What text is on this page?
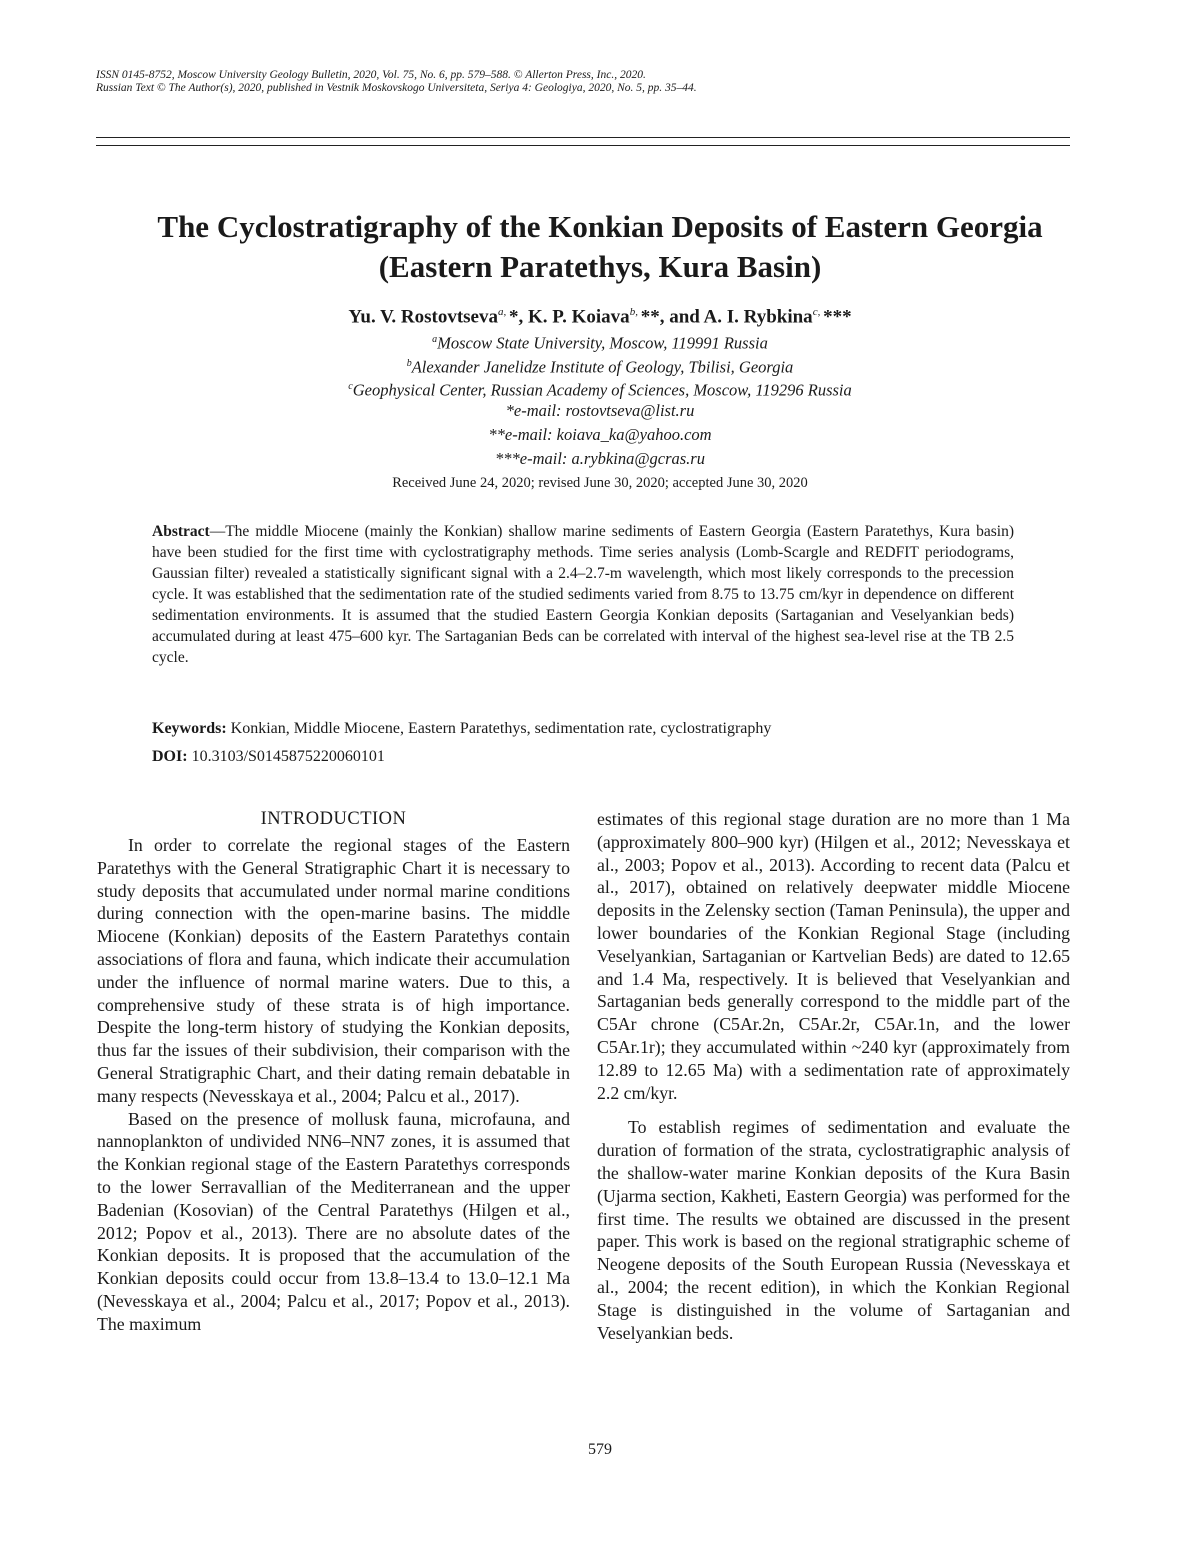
ISSN 0145-8752, Moscow University Geology Bulletin, 2020, Vol. 75, No. 6, pp. 579–588. © Allerton Press, Inc., 2020.
Russian Text © The Author(s), 2020, published in Vestnik Moskovskogo Universiteta, Seriya 4: Geologiya, 2020, No. 5, pp. 35–44.
The Cyclostratigraphy of the Konkian Deposits of Eastern Georgia
(Eastern Paratethys, Kura Basin)
Yu. V. Rostovtseva$^{a,}$ *, K. P. Koiava$^{b,}$ **, and A. I. Rybkina$^{c,}$ ***
$^a$Moscow State University, Moscow, 119991 Russia
$^b$Alexander Janelidze Institute of Geology, Tbilisi, Georgia
$^c$Geophysical Center, Russian Academy of Sciences, Moscow, 119296 Russia
*e-mail: rostovtseva@list.ru
**e-mail: koiava_ka@yahoo.com
***e-mail: a.rybkina@gcras.ru
Received June 24, 2020; revised June 30, 2020; accepted June 30, 2020

Abstract—The middle Miocene (mainly the Konkian) shallow marine sediments of Eastern Georgia (Eastern Paratethys, Kura basin) have been studied for the first time with cyclostratigraphy methods. Time series analysis (Lomb-Scargle and REDFIT periodograms, Gaussian filter) revealed a statistically significant signal with a 2.4–2.7-m wavelength, which most likely corresponds to the precession cycle. It was established that the sedimentation rate of the studied sediments varied from 8.75 to 13.75 cm/kyr in dependence on different sedimentation environments. It is assumed that the studied Eastern Georgia Konkian deposits (Sartaganian and Veselyankian beds) accumulated during at least 475–600 kyr. The Sartaganian Beds can be correlated with interval of the highest sea-level rise at the TB 2.5 cycle.

Keywords: Konkian, Middle Miocene, Eastern Paratethys, sedimentation rate, cyclostratigraphy
DOI: 10.3103/S0145875220060101
INTRODUCTION

In order to correlate the regional stages of the Eastern Paratethys with the General Stratigraphic Chart it is necessary to study deposits that accumulated under normal marine conditions during connection with the open-marine basins. The middle Miocene (Konkian) deposits of the Eastern Paratethys contain associations of flora and fauna, which indicate their accumulation under the influence of normal marine waters. Due to this, a comprehensive study of these strata is of high importance. Despite the long-term history of studying the Konkian deposits, thus far the issues of their subdivision, their comparison with the General Stratigraphic Chart, and their dating remain debatable in many respects (Nevesskaya et al., 2004; Palcu et al., 2017).

Based on the presence of mollusk fauna, microfauna, and nannoplankton of undivided NN6–NN7 zones, it is assumed that the Konkian regional stage of the Eastern Paratethys corresponds to the lower Serravallian of the Mediterranean and the upper Badenian (Kosovian) of the Central Paratethys (Hilgen et al., 2012; Popov et al., 2013). There are no absolute dates of the Konkian deposits. It is proposed that the accumulation of the Konkian deposits could occur from 13.8–13.4 to 13.0–12.1 Ma (Nevesskaya et al., 2004; Palcu et al., 2017; Popov et al., 2013). The maximum

estimates of this regional stage duration are no more than 1 Ma (approximately 800–900 kyr) (Hilgen et al., 2012; Nevesskaya et al., 2003; Popov et al., 2013). According to recent data (Palcu et al., 2017), obtained on relatively deepwater middle Miocene deposits in the Zelensky section (Taman Peninsula), the upper and lower boundaries of the Konkian Regional Stage (including Veselyankian, Sartaganian or Kartvelian Beds) are dated to 12.65 and 1.4 Ma, respectively. It is believed that Veselyankian and Sartaganian beds generally correspond to the middle part of the C5Ar chrone (C5Ar.2n, C5Ar.2r, C5Ar.1n, and the lower C5Ar.1r); they accumulated within ~240 kyr (approximately from 12.89 to 12.65 Ma) with a sedimentation rate of approximately 2.2 cm/kyr.

To establish regimes of sedimentation and evaluate the duration of formation of the strata, cyclostratigraphic analysis of the shallow-water marine Konkian deposits of the Kura Basin (Ujarma section, Kakheti, Eastern Georgia) was performed for the first time. The results we obtained are discussed in the present paper. This work is based on the regional stratigraphic scheme of Neogene deposits of the South European Russia (Nevesskaya et al., 2004; the recent edition), in which the Konkian Regional Stage is distinguished in the volume of Sartaganian and Veselyankian beds.

579
